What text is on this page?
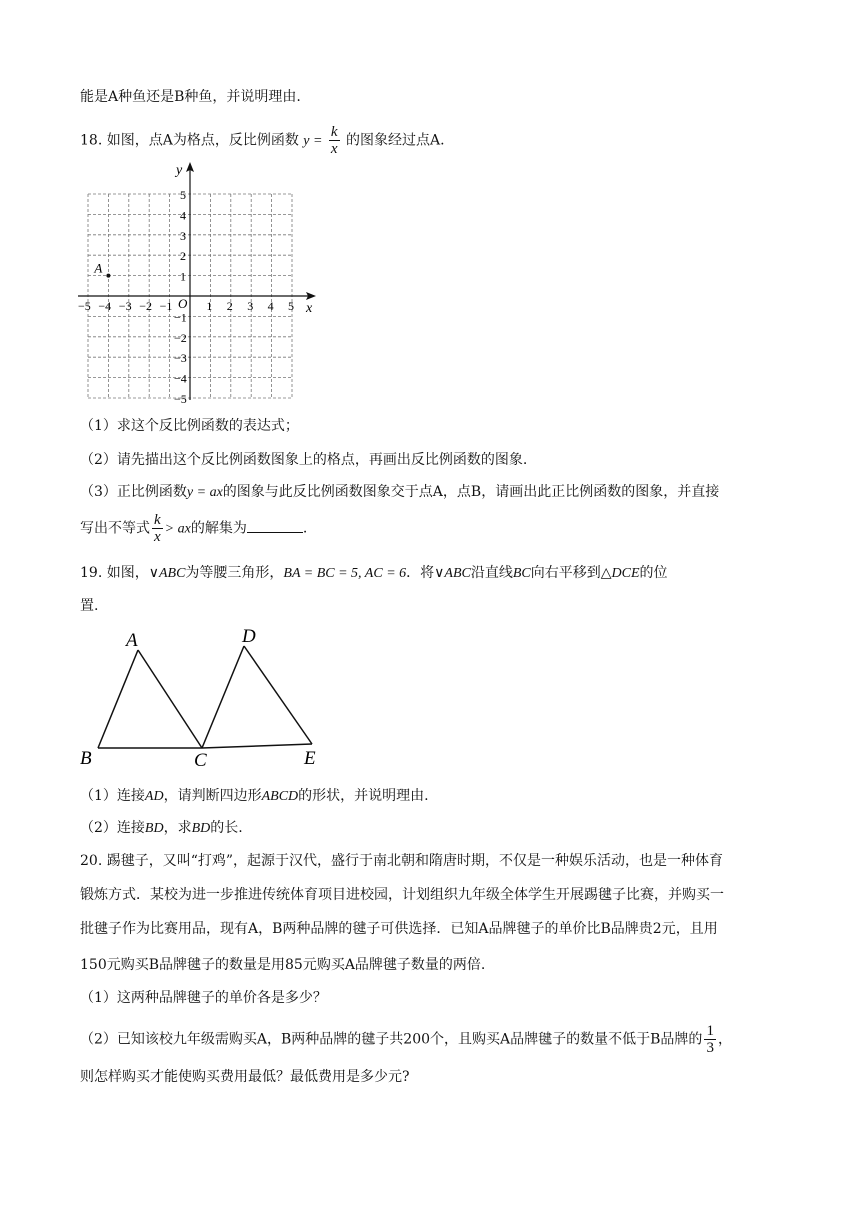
能是A种鱼还是B种鱼，并说明理由.
18. 如图，点A为格点，反比例函数 $y = \frac{k}{x}$ 的图象经过点A.
x
y
O
−5 −4 −3 −2 −1	1 2 3 4 5
5
4
3
2
1
−1
−2
−3
−4
−5
A
（1）求这个反比例函数的表达式；
（2）请先描出这个反比例函数图象上的格点，再画出反比例函数的图象.
（3）正比例函数y = ax的图象与此反比例函数图象交于点A，点B，请画出此正比例函数的图象，并直接
写出不等式 $\frac{k}{x}$ > ax的解集为	.
19. 如图，∨ABC为等腰三角形，BA = BC = 5, AC = 6．将∨ABC沿直线BC向右平移到△DCE的位
置.
A
B	C
D
E
（1）连接AD，请判断四边形ABCD的形状，并说明理由.
（2）连接BD，求BD的长.
20. 踢毽子，又叫“打鸡”，起源于汉代，盛行于南北朝和隋唐时期，不仅是一种娱乐活动，也是一种体育
锻炼方式．某校为进一步推进传统体育项目进校园，计划组织九年级全体学生开展踢毽子比赛，并购买一
批毽子作为比赛用品，现有A，B两种品牌的毽子可供选择．已知A品牌毽子的单价比B品牌贵2元，且用
150元购买B品牌毽子的数量是用85元购买A品牌毽子数量的两倍.
（1）这两种品牌毽子的单价各是多少？
（2）已知该校九年级需购买A，B两种品牌的毽子共200个，且购买A品牌毽子的数量不低于B品牌的 $\frac{1}{3}$ ，
则怎样购买才能使购买费用最低？最低费用是多少元?
